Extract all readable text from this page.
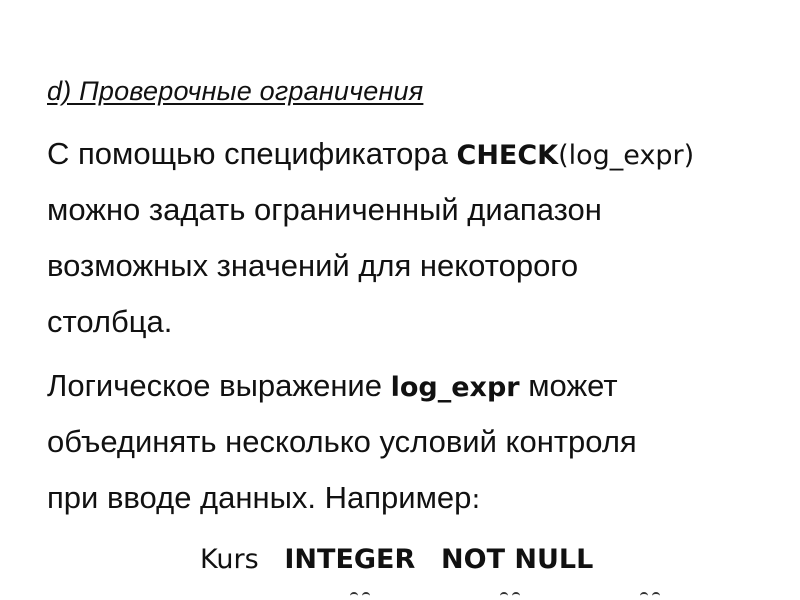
d) Проверочные ограничения
С помощью спецификатора CHECK(log_expr)
можно задать ограниченный диапазон
возможных значений для некоторого
столбца.
Логическое выражение log_expr может
объединять несколько условий контроля
при вводе данных. Например:
Kurs INTEGER NOT NULL
